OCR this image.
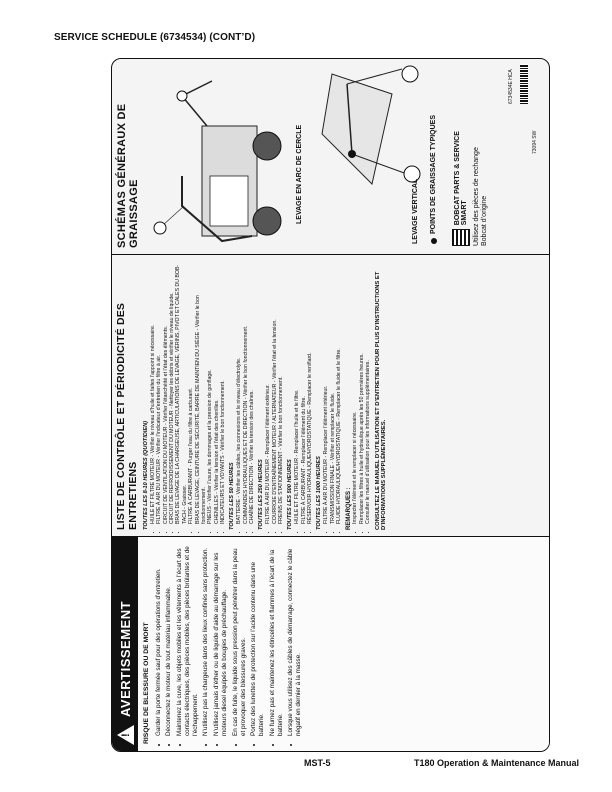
SERVICE SCHEDULE (6734534) (CONT’D)
!
AVERTISSEMENT RISQUE DE BLESSURE OU DE MORT • Garder la porte fermée sauf pour des opérations d’entretien. • Déconnectez le moteur de tout matériau inflammable. • Maintenez la cuve, les objets mobiles et les vêtements à l’écart des contacts électriques, des pièces mobiles, des pièces brûlantes et de l’échappement. • N’utilisez pas la chargeuse dans des lieux confinés sans protection. • N’utilisez jamais d’éther ou de liquide d’aide au démarrage sur les moteurs diesel équipés de bougies de préchauffage. • En cas de fuite, le liquide sous pression peut pénétrer dans la peau et provoquer des blessures graves. • Portez des lunettes de protection sur l’acide contenu dans une batterie. • Ne fumez pas et maintenez les étincelles et flammes à l’écart de la batterie. • Lorsque vous utilisez des câbles de démarrage, connectez le câble négatif en dernier à la masse.
LISTE DE CONTRÔLE ET PÉRIODICITÉ DES ENTRETIENS TOUTES LES 8-10 HEURES (QUOTIDIEN) • HUILE ET FILTRE MOTEUR - Vérifier le niveau d’huile et faites l’appoint si nécessaire. • FILTRE À AIR DU MOTEUR - Vérifier l’indicateur d’entretien du filtre à air. • CIRCUIT DE VENTILATION DU MOTEUR - Vérifier l’étanchéité et l’état des éléments. • CIRCUIT DE REFROIDISSEMENT DU MOTEUR - Nettoyer les débris et vérifier le niveau de liquide. • BRAS DE LEVAGE DE LA CHARGEUSE, ARTICULATIONS DE LEVAGE, VÉRINS, PIVOT ET CALES DU BOB-TACH - Graisser. • FILTRE À CARBURANT - Purger l’eau du filtre à carburant. • BRAS DE LEVAGE, CEINTURE DE SÉCURITÉ, BARRE DE MAINTIEN DU SIÈGE - Vérifier le bon fonctionnement. • PNEUS - Vérifier l’usure, les dommages et la pression de gonflage. • CHENILLES - Vérifier la tension et l’état des chenilles. • INDICATEURS ET VOYANTS - Vérifier le bon fonctionnement. TOUTES LES 50 HEURES • BATTERIE - Vérifier les câbles, les connexions et le niveau d’électrolyte. • COMMANDES HYDRAULIQUES ET DE DIRECTION - Vérifier le bon fonctionnement. • CHAÎNE DE DIRECTION - Vérifier la tension des chaînes. TOUTES LES 250 HEURES • FILTRE À AIR DU MOTEUR - Remplacer l’élément extérieur. • COURROIE D’ENTRAÎNEMENT MOTEUR / ALTERNATEUR - Vérifier l’état et la tension. • FREINS DE STATIONNEMENT - Vérifier le bon fonctionnement. TOUTES LES 500 HEURES • HUILE ET FILTRE MOTEUR - Remplacer l’huile et le filtre. • FILTRE À CARBURANT - Remplacer l’élément du filtre. • RÉSERVOIR HYDRAULIQUE/HYDROSTATIQUE - Remplacer le reniflard. TOUTES LES 1000 HEURES • FILTRE À AIR DU MOTEUR - Remplacer l’élément intérieur. • TRANSMISSION FINALE - Vérifier et remplacer le fluide. • FLUIDE HYDRAULIQUE/HYDROSTATIQUE - Remplacer le fluide et le filtre. REMARQUES : • Inspecter l’élément et le remplacer si nécessaire. • Remplacer les filtres à huile et hydraulique après les 50 premières heures. • Consulter le manuel d’utilisation pour les informations supplémentaires. CONSULTEZ LE MANUEL D’UTILISATION ET D’ENTRETIEN POUR PLUS D’INSTRUCTIONS ET D’INFORMATIONS SUPPLÉMENTAIRES.
SCHÉMAS GÉNÉRAUX DE GRAISSAGE	LEVAGE EN ARC DE CERCLE	LEVAGE VERTICAL POINTS DE GRAISSAGE TYPIQUES BOBCAT PARTS & SERVICE SMART Utilisez des pièces de rechange Bobcat d’origine
6734534E HCA
73094 SW
MST-5	T180 Operation & Maintenance Manual
